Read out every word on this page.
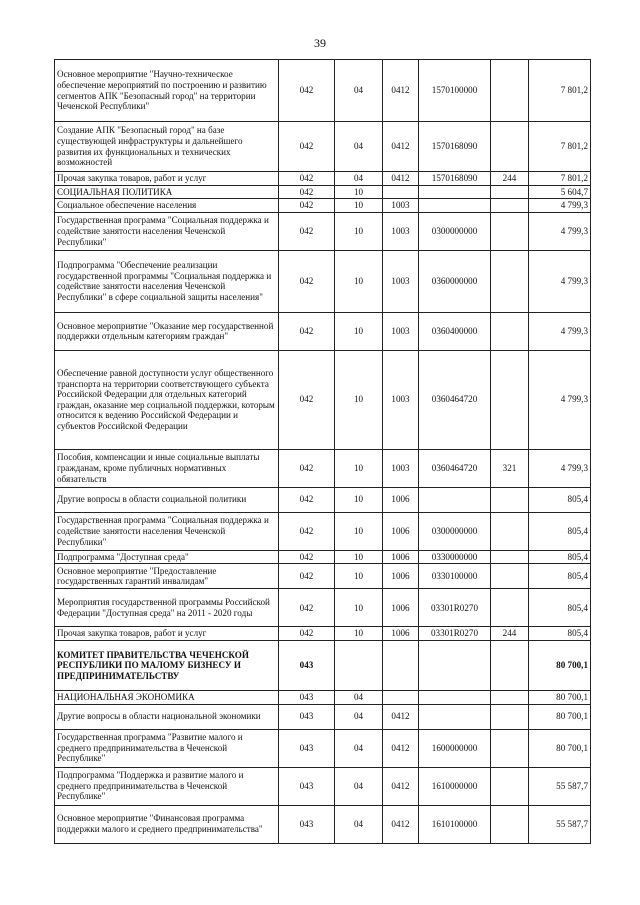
39
Основное мероприятие "Научно-техническое обеспечение мероприятий по построению и развитию сегментов АПК "Безопасный город" на территории Чеченской Республики"	042	04	0412	1570100000		7 801,2
Создание АПК "Безопасный город" на базе существующей инфраструктуры и дальнейшего развития их функциональных и технических возможностей	042	04	0412	1570168090		7 801,2
Прочая закупка товаров, работ и услуг	042	04	0412	1570168090	244	7 801,2
СОЦИАЛЬНАЯ ПОЛИТИКА	042	10				5 604,7
Социальное обеспечение населения	042	10	1003			4 799,3
Государственная программа "Социальная поддержка и содействие занятости населения Чеченской Республики"	042	10	1003	0300000000		4 799,3
Подпрограмма "Обеспечение реализации государственной программы "Социальная поддержка и содействие занятости населения Чеченской Республики" в сфере социальной защиты населения"	042	10	1003	0360000000		4 799,3
Основное мероприятие "Оказание мер государственной поддержки отдельным категориям граждан"	042	10	1003	0360400000		4 799,3
Обеспечение равной доступности услуг общественного транспорта на территории соответствующего субъекта Российской Федерации для отдельных категорий граждан, оказание мер социальной поддержки, которым относится к ведению Российской Федерации и субъектов Российской Федерации	042	10	1003	0360464720		4 799,3
Пособия, компенсации и иные социальные выплаты гражданам, кроме публичных нормативных обязательств	042	10	1003	0360464720	321	4 799,3
Другие вопросы в области социальной политики	042	10	1006			805,4
Государственная программа "Социальная поддержка и содействие занятости населения Чеченской Республики"	042	10	1006	0300000000		805,4
Подпрограмма "Доступная среда"	042	10	1006	0330000000		805,4
Основное мероприятие "Предоставление государственных гарантий инвалидам"	042	10	1006	0330100000		805,4
Мероприятия государственной программы Российской Федерации "Доступная среда" на 2011 - 2020 годы	042	10	1006	03301R0270		805,4
Прочая закупка товаров, работ и услуг	042	10	1006	03301R0270	244	805,4
КОМИТЕТ ПРАВИТЕЛЬСТВА ЧЕЧЕНСКОЙ РЕСПУБЛИКИ ПО МАЛОМУ БИЗНЕСУ И ПРЕДПРИНИМАТЕЛЬСТВУ	043					80 700,1
НАЦИОНАЛЬНАЯ ЭКОНОМИКА	043	04				80 700,1
Другие вопросы в области национальной экономики	043	04	0412			80 700,1
Государственная программа "Развитие малого и среднего предпринимательства в Чеченской Республике"	043	04	0412	1600000000		80 700,1
Подпрограмма "Поддержка и развитие малого и среднего предпринимательства в Чеченской Республике"	043	04	0412	1610000000		55 587,7
Основное мероприятие "Финансовая программа поддержки малого и среднего предпринимательства"	043	04	0412	1610100000		55 587,7
